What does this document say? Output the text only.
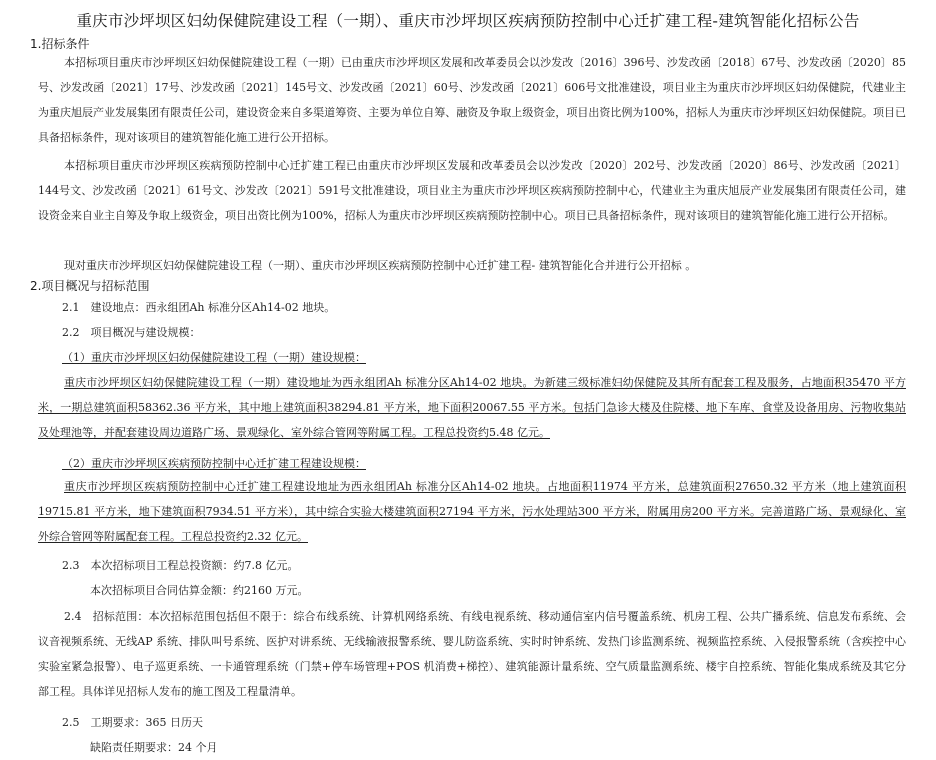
重庆市沙坪坝区妇幼保健院建设工程（一期）、重庆市沙坪坝区疾病预防控制中心迁扩建工程-建筑智能化招标公告
1.招标条件
本招标项目重庆市沙坪坝区妇幼保健院建设工程（一期）已由重庆市沙坪坝区发展和改革委员会以沙发改〔2016〕396号、沙发改函〔2018〕67号、沙发改函〔2020〕85号、沙发改函〔2021〕17号、沙发改函〔2021〕145号文、沙发改函〔2021〕60号、沙发改函〔2021〕606号文批准建设，项目业主为重庆市沙坪坝区妇幼保健院，代建业主为重庆旭辰产业发展集团有限责任公司，建设资金来自多渠道筹资、主要为单位自筹、融资及争取上级资金，项目出资比例为100%，招标人为重庆市沙坪坝区妇幼保健院。项目已具备招标条件，现对该项目的建筑智能化施工进行公开招标。
本招标项目重庆市沙坪坝区疾病预防控制中心迁扩建工程已由重庆市沙坪坝区发展和改革委员会以沙发改〔2020〕202号、沙发改函〔2020〕86号、沙发改函〔2021〕144号文、沙发改函〔2021〕61号文、沙发改〔2021〕591号文批准建设，项目业主为重庆市沙坪坝区疾病预防控制中心，代建业主为重庆旭辰产业发展集团有限责任公司，建设资金来自业主自筹及争取上级资金，项目出资比例为100%，招标人为重庆市沙坪坝区疾病预防控制中心。项目已具备招标条件，现对该项目的建筑智能化施工进行公开招标。
现对重庆市沙坪坝区妇幼保健院建设工程（一期）、重庆市沙坪坝区疾病预防控制中心迁扩建工程- 建筑智能化合并进行公开招标 。
2.项目概况与招标范围
2.1　建设地点：西永组团Ah 标准分区Ah14-02 地块。
2.2　项目概况与建设规模：
（1）重庆市沙坪坝区妇幼保健院建设工程（一期）建设规模：
重庆市沙坪坝区妇幼保健院建设工程（一期）建设地址为西永组团Ah 标准分区Ah14-02 地块。为新建三级标准妇幼保健院及其所有配套工程及服务，占地面积35470 平方米，一期总建筑面积58362.36 平方米，其中地上建筑面积38294.81 平方米，地下面积20067.55 平方米。包括门急诊大楼及住院楼、地下车库、食堂及设备用房、污物收集站及处理池等，并配套建设周边道路广场、景观绿化、室外综合管网等附属工程。工程总投资约5.48 亿元。
（2）重庆市沙坪坝区疾病预防控制中心迁扩建工程建设规模：
重庆市沙坪坝区疾病预防控制中心迁扩建工程建设地址为西永组团Ah 标准分区Ah14-02 地块。占地面积11974 平方米，总建筑面积27650.32 平方米（地上建筑面积19715.81 平方米，地下建筑面积7934.51 平方米），其中综合实验大楼建筑面积27194 平方米，污水处理站300 平方米，附属用房200 平方米。完善道路广场、景观绿化、室外综合管网等附属配套工程。工程总投资约2.32 亿元。
2.3　本次招标项目工程总投资额：约7.8 亿元。
本次招标项目合同估算金额：约2160 万元。
2.4　招标范围：本次招标范围包括但不限于：综合布线系统、计算机网络系统、有线电视系统、移动通信室内信号覆盖系统、机房工程、公共广播系统、信息发布系统、会议音视频系统、无线AP 系统、排队叫号系统、医护对讲系统、无线输液报警系统、婴儿防盗系统、实时时钟系统、发热门诊监测系统、视频监控系统、入侵报警系统（含疾控中心实验室紧急报警）、电子巡更系统、一卡通管理系统（门禁+停车场管理+POS 机消费+梯控）、建筑能源计量系统、空气质量监测系统、楼宇自控系统、智能化集成系统及其它分部工程。具体详见招标人发布的施工图及工程量清单。
2.5　工期要求：365 日历天
缺陷责任期要求：24 个月
